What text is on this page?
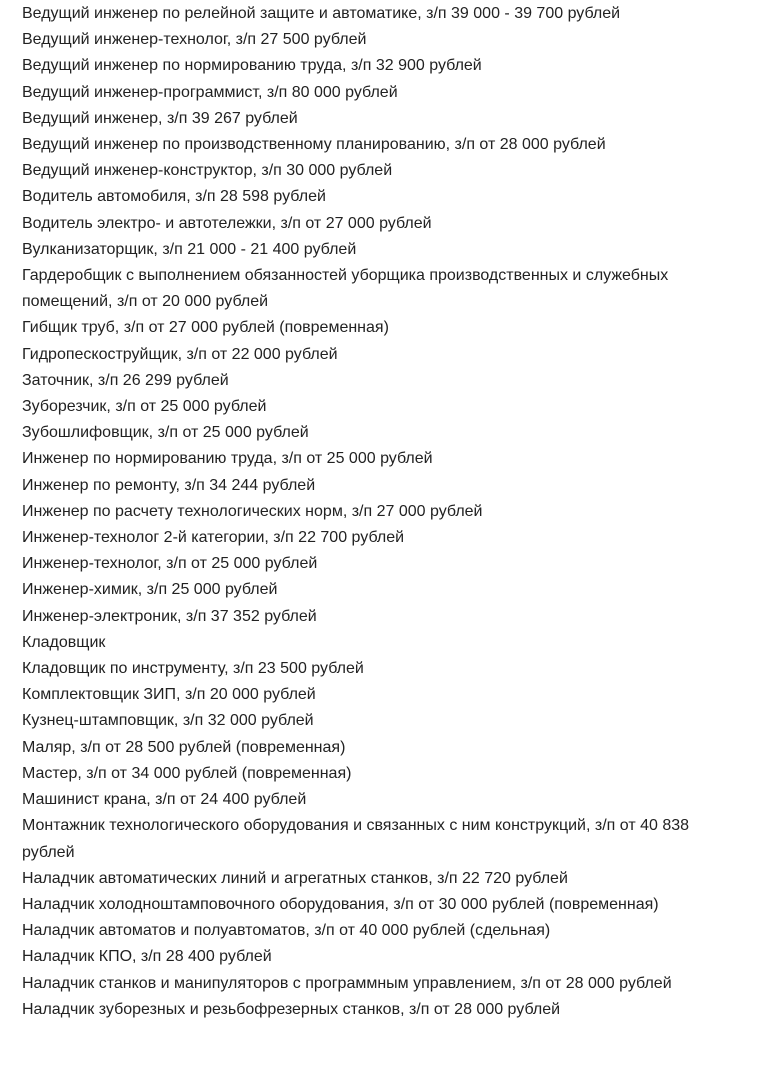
Ведущий инженер по релейной защите и автоматике, з/п 39 000 - 39 700 рублей
Ведущий инженер-технолог, з/п 27 500 рублей
Ведущий инженер по нормированию труда, з/п 32 900 рублей
Ведущий инженер-программист, з/п 80 000 рублей
Ведущий инженер, з/п 39 267 рублей
Ведущий инженер по производственному планированию, з/п от 28 000 рублей
Ведущий инженер-конструктор, з/п 30 000 рублей
Водитель автомобиля, з/п 28 598 рублей
Водитель электро- и автотележки, з/п от 27 000 рублей
Вулканизаторщик, з/п 21 000 - 21 400 рублей
Гардеробщик с выполнением обязанностей уборщика производственных и служебных помещений, з/п от 20 000 рублей
Гибщик труб, з/п от 27 000 рублей (повременная)
Гидропескоструйщик, з/п от 22 000 рублей
Заточник, з/п 26 299 рублей
Зуборезчик, з/п от 25 000 рублей
Зубошлифовщик, з/п от 25 000 рублей
Инженер по нормированию труда, з/п от 25 000 рублей
Инженер по ремонту, з/п 34 244 рублей
Инженер по расчету технологических норм, з/п 27 000 рублей
Инженер-технолог 2-й категории, з/п 22 700 рублей
Инженер-технолог, з/п от 25 000 рублей
Инженер-химик, з/п 25 000 рублей
Инженер-электроник, з/п 37 352 рублей
Кладовщик
Кладовщик по инструменту, з/п 23 500 рублей
Комплектовщик ЗИП, з/п 20 000 рублей
Кузнец-штамповщик, з/п 32 000 рублей
Маляр, з/п от 28 500 рублей (повременная)
Мастер, з/п от 34 000 рублей (повременная)
Машинист крана, з/п от 24 400 рублей
Монтажник технологического оборудования и связанных с ним конструкций, з/п от 40 838 рублей
Наладчик автоматических линий и агрегатных станков, з/п 22 720 рублей
Наладчик холодноштамповочного оборудования, з/п от 30 000 рублей (повременная)
Наладчик автоматов и полуавтоматов, з/п от 40 000 рублей (сдельная)
Наладчик КПО, з/п 28 400 рублей
Наладчик станков и манипуляторов с программным управлением, з/п от 28 000 рублей
Наладчик зуборезных и резьбофрезерных станков, з/п от 28 000 рублей
